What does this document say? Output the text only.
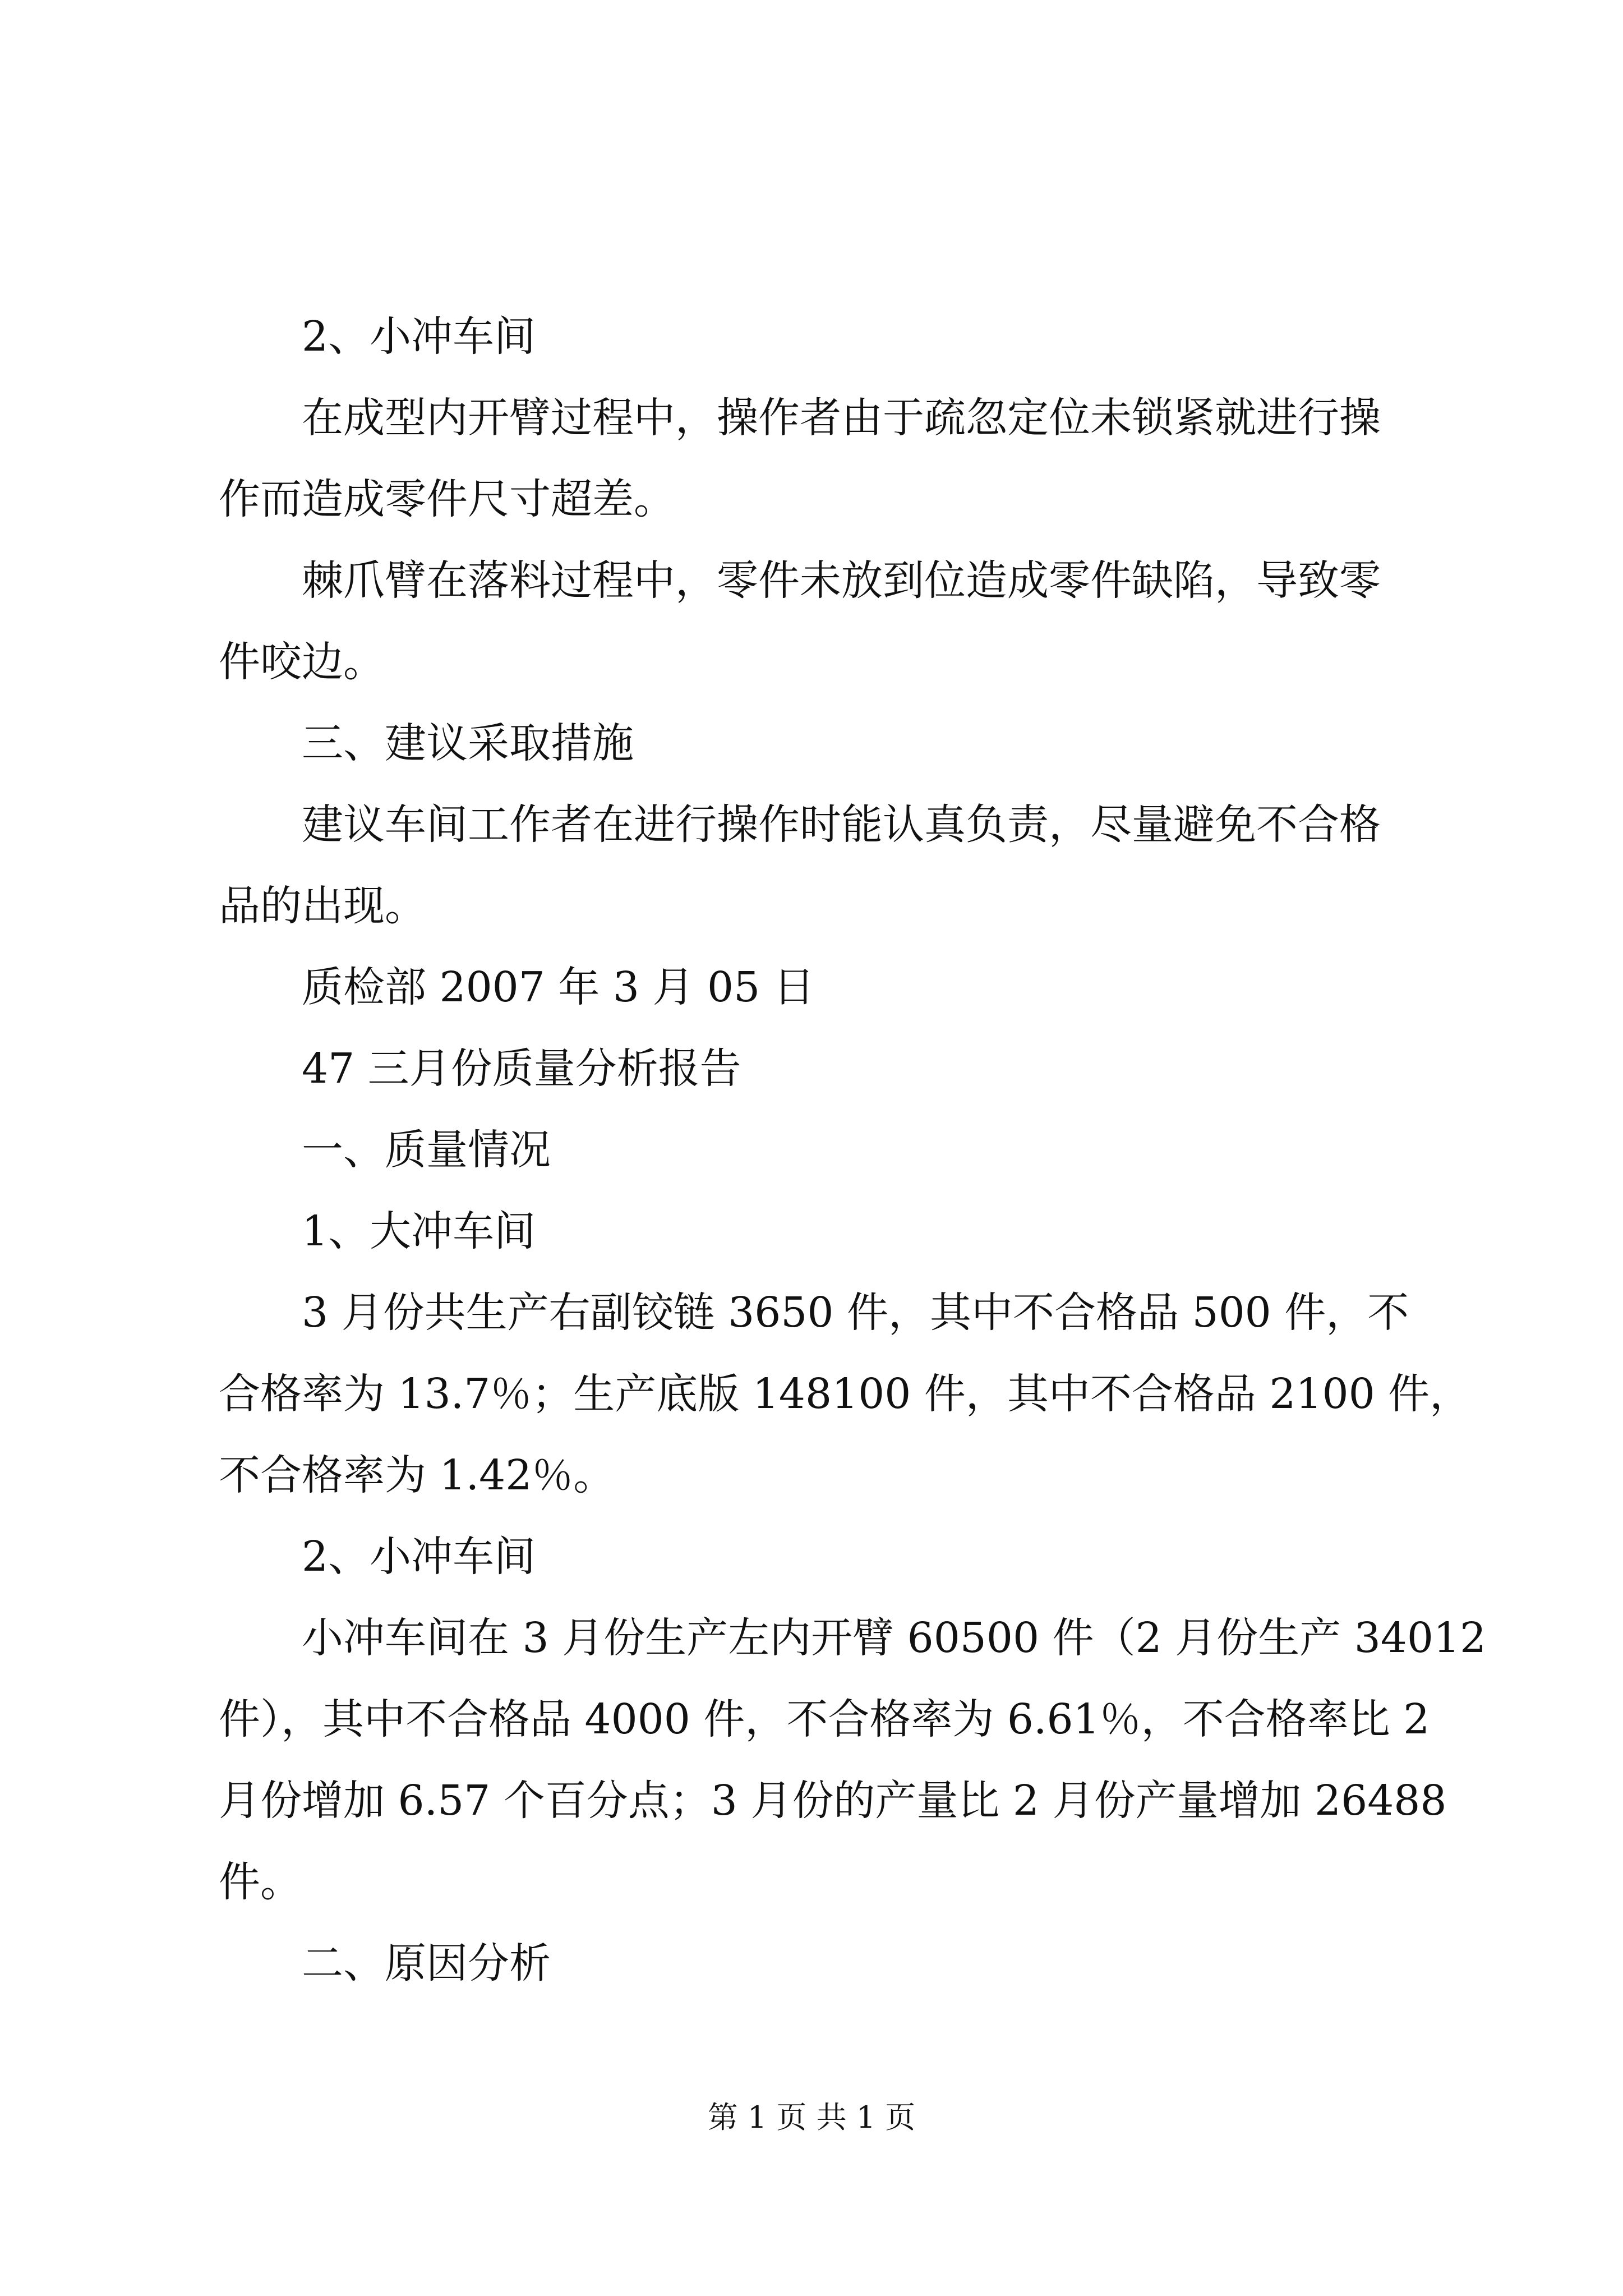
2、小冲车间
在成型内开臂过程中，操作者由于疏忽定位未锁紧就进行操
作而造成零件尺寸超差。
棘爪臂在落料过程中，零件未放到位造成零件缺陷，导致零
件咬边。
三、建议采取措施
建议车间工作者在进行操作时能认真负责，尽量避免不合格
品的出现。
质检部 2007 年 3 月 05 日
47 三月份质量分析报告
一、质量情况
1、大冲车间
3 月份共生产右副铰链 3650 件，其中不合格品 500 件，不
合格率为 13.7％；生产底版 148100 件，其中不合格品 2100 件，
不合格率为 1.42％。
2、小冲车间
小冲车间在 3 月份生产左内开臂 60500 件（2 月份生产 34012
件），其中不合格品 4000 件，不合格率为 6.61％，不合格率比 2
月份增加 6.57 个百分点；3 月份的产量比 2 月份产量增加 26488
件。
二、原因分析
第 1 页 共 1 页
